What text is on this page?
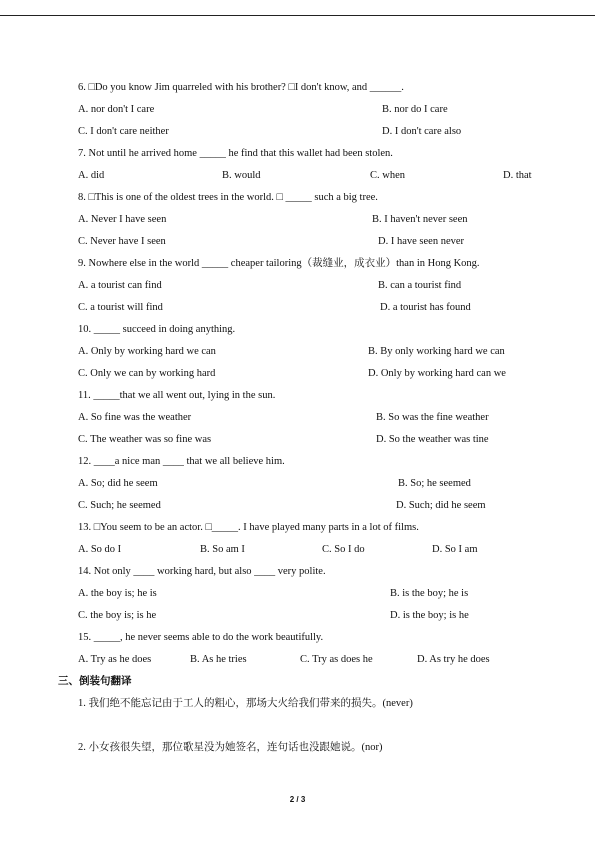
6. □Do you know Jim quarreled with his brother? □I don't know, and ______.
A. nor don't I care	B. nor do I care
C. I don't care neither	D. I don't care also
7. Not until he arrived home _____ he find that this wallet had been stolen.
A. did	B. would	C. when	D. that
8. □This is one of the oldest trees in the world. □ _____ such a big tree.
A. Never I have seen	B. I haven't never seen
C. Never have I seen	D. I have seen never
9. Nowhere else in the world _____ cheaper tailoring（裁缝业，成衣业）than in Hong Kong.
A. a tourist can find	B. can a tourist find
C. a tourist will find	D. a tourist has found
10. _____ succeed in doing anything.
A. Only by working hard we can	B. By only working hard we can
C. Only we can by working hard	D. Only by working hard can we
11. _____that we all went out, lying in the sun.
A. So fine was the weather	B. So was the fine weather
C. The weather was so fine was	D. So the weather was tine
12. ____a nice man ____ that we all believe him.
A. So; did he seem	B. So; he seemed
C. Such; he seemed	D. Such; did he seem
13. □You seem to be an actor. □_____. I have played many parts in a lot of films.
A. So do I	B. So am I	C. So I do	D. So I am
14. Not only ____ working hard, but also ____ very polite.
A. the boy is; he is	B. is the boy; he is
C. the boy is; is he	D. is the boy; is he
15. _____, he never seems able to do the work beautifully.
A. Try as he does	B. As he tries	C. Try as does he	D. As try he does
三、倒装句翻译
1. 我们绝不能忘记由于工人的粗心，那场大火给我们带来的损失。(never)
2. 小女孩很失望，那位歌星没为她签名，连句话也没跟她说。(nor)
2 / 3
